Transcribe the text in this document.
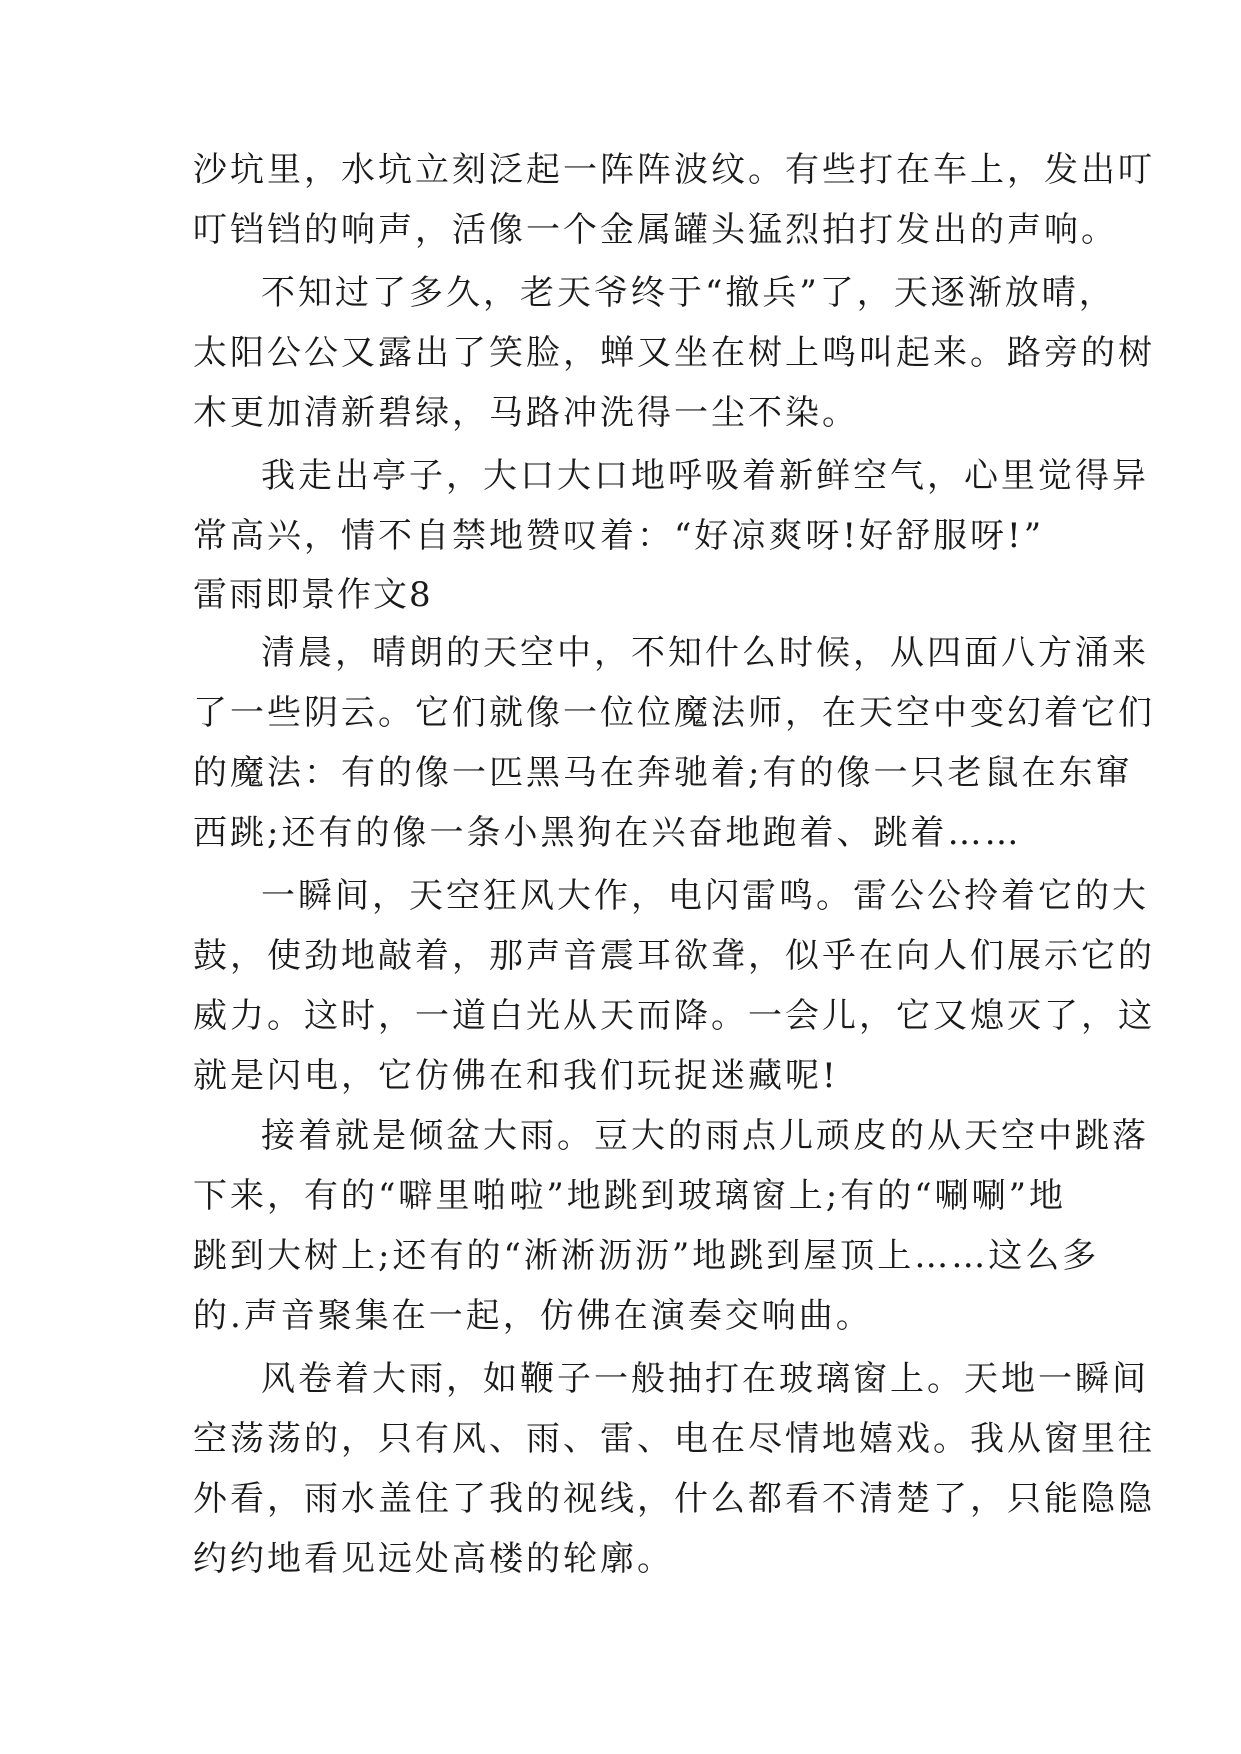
沙坑里，水坑立刻泛起一阵阵波纹。有些打在车上，发出叮
叮铛铛的响声，活像一个金属罐头猛烈拍打发出的声响。
不知过了多久，老天爷终于“撤兵”了，天逐渐放晴，
太阳公公又露出了笑脸，蝉又坐在树上鸣叫起来。路旁的树
木更加清新碧绿，马路冲洗得一尘不染。
我走出亭子，大口大口地呼吸着新鲜空气，心里觉得异
常高兴，情不自禁地赞叹着：“好凉爽呀!好舒服呀!”
雷雨即景作文8
清晨，晴朗的天空中，不知什么时候，从四面八方涌来
了一些阴云。它们就像一位位魔法师，在天空中变幻着它们
的魔法：有的像一匹黑马在奔驰着;有的像一只老鼠在东窜
西跳;还有的像一条小黑狗在兴奋地跑着、跳着……
一瞬间，天空狂风大作，电闪雷鸣。雷公公拎着它的大
鼓，使劲地敲着，那声音震耳欲聋，似乎在向人们展示它的
威力。这时，一道白光从天而降。一会儿，它又熄灭了，这
就是闪电，它仿佛在和我们玩捉迷藏呢!
接着就是倾盆大雨。豆大的雨点儿顽皮的从天空中跳落
下来，有的“噼里啪啦”地跳到玻璃窗上;有的“唰唰”地
跳到大树上;还有的“淅淅沥沥”地跳到屋顶上……这么多
的.声音聚集在一起，仿佛在演奏交响曲。
风卷着大雨，如鞭子一般抽打在玻璃窗上。天地一瞬间
空荡荡的，只有风、雨、雷、电在尽情地嬉戏。我从窗里往
外看，雨水盖住了我的视线，什么都看不清楚了，只能隐隐
约约地看见远处高楼的轮廓。
